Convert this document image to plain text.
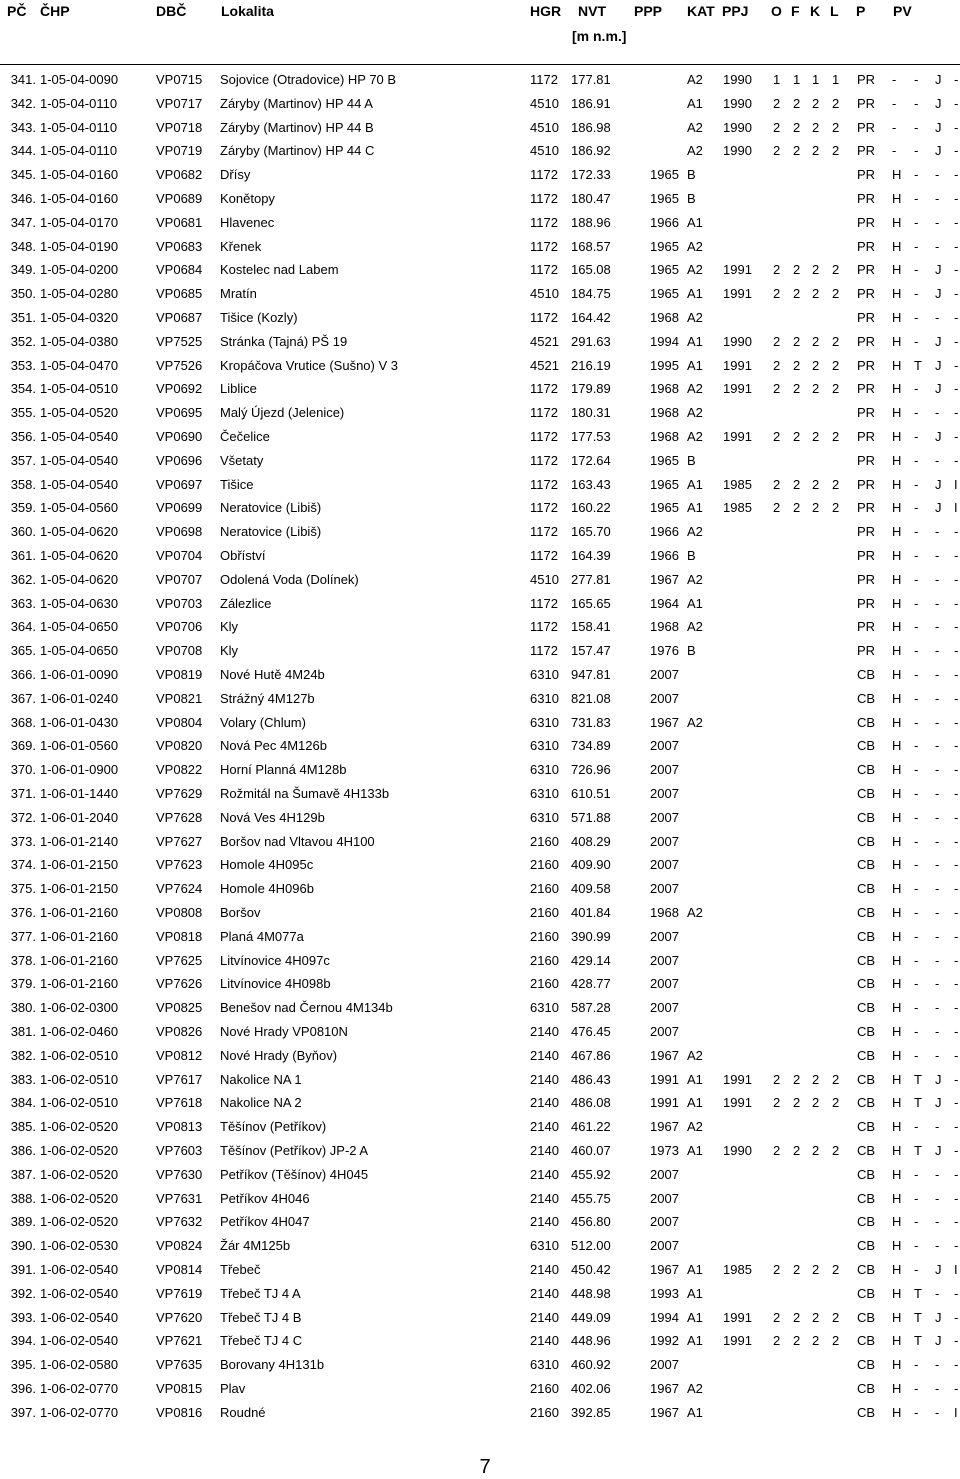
PČ ČHP	DBČ Lokalita	HGR NVT
[m n.m.]
PPP KAT PPJ O F K L P PV
341. 1-05-04-0090	VP0715 Sojovice (Otradovice) HP 70 B	1172 177.81	A2 1990 1 1 1 1 PR - - J -
342. 1-05-04-0110	VP0717 Záryby (Martinov) HP 44 A	4510 186.91	A1 1990 2 2 2 2 PR - - J -
343. 1-05-04-0110	VP0718 Záryby (Martinov) HP 44 B	4510 186.98	A2 1990 2 2 2 2 PR - - J -
344. 1-05-04-0110	VP0719 Záryby (Martinov) HP 44 C	4510 186.92	A2 1990 2 2 2 2 PR - - J -
345. 1-05-04-0160	VP0682 Dřísy	1172 172.33	1965 B	PR H - - -
346. 1-05-04-0160	VP0689 Konětopy	1172 180.47	1965 B	PR H - - -
347. 1-05-04-0170	VP0681 Hlavenec	1172 188.96	1966 A1	PR H - - -
348. 1-05-04-0190	VP0683 Křenek	1172 168.57	1965 A2	PR H - - -
349. 1-05-04-0200	VP0684 Kostelec nad Labem	1172 165.08	1965 A2 1991 2 2 2 2 PR H - J -
350. 1-05-04-0280	VP0685 Mratín	4510 184.75	1965 A1 1991 2 2 2 2 PR H - J -
351. 1-05-04-0320	VP0687 Tišice (Kozly)	1172 164.42	1968 A2	PR H - - -
352. 1-05-04-0380	VP7525 Stránka (Tajná) PŠ 19	4521 291.63	1994 A1 1990 2 2 2 2 PR H - J -
353. 1-05-04-0470	VP7526 Kropáčova Vrutice (Sušno) V 3	4521 216.19	1995 A1 1991 2 2 2 2 PR H T J -
354. 1-05-04-0510	VP0692 Liblice	1172 179.89	1968 A2 1991 2 2 2 2 PR H - J -
355. 1-05-04-0520	VP0695 Malý Újezd (Jelenice)	1172 180.31	1968 A2	PR H - - -
356. 1-05-04-0540	VP0690 Čečelice	1172 177.53	1968 A2 1991 2 2 2 2 PR H - J -
357. 1-05-04-0540	VP0696 Všetaty	1172 172.64	1965 B	PR H - - -
358. 1-05-04-0540	VP0697 Tišice	1172 163.43	1965 A1 1985 2 2 2 2 PR H - J I
359. 1-05-04-0560	VP0699 Neratovice (Libiš)	1172 160.22	1965 A1 1985 2 2 2 2 PR H - J I
360. 1-05-04-0620	VP0698 Neratovice (Libiš)	1172 165.70	1966 A2	PR H - - -
361. 1-05-04-0620	VP0704 Obříství	1172 164.39	1966 B	PR H - - -
362. 1-05-04-0620	VP0707 Odolená Voda (Dolínek)	4510 277.81	1967 A2	PR H - - -
363. 1-05-04-0630	VP0703 Zálezlice	1172 165.65	1964 A1	PR H - - -
364. 1-05-04-0650	VP0706 Kly	1172 158.41	1968 A2	PR H - - -
365. 1-05-04-0650	VP0708 Kly	1172 157.47	1976 B	PR H - - -
366. 1-06-01-0090	VP0819 Nové Hutě 4M24b	6310 947.81	2007	CB H - - -
367. 1-06-01-0240	VP0821 Strážný 4M127b	6310 821.08	2007	CB H - - -
368. 1-06-01-0430	VP0804 Volary (Chlum)	6310 731.83	1967 A2	CB H - - -
369. 1-06-01-0560	VP0820 Nová Pec 4M126b	6310 734.89	2007	CB H - - -
370. 1-06-01-0900	VP0822 Horní Planná 4M128b	6310 726.96	2007	CB H - - -
371. 1-06-01-1440	VP7629 Rožmitál na Šumavě 4H133b	6310 610.51	2007	CB H - - -
372. 1-06-01-2040	VP7628 Nová Ves 4H129b	6310 571.88	2007	CB H - - -
373. 1-06-01-2140	VP7627 Boršov nad Vltavou 4H100	2160 408.29	2007	CB H - - -
374. 1-06-01-2150	VP7623 Homole 4H095c	2160 409.90	2007	CB H - - -
375. 1-06-01-2150	VP7624 Homole 4H096b	2160 409.58	2007	CB H - - -
376. 1-06-01-2160	VP0808 Boršov	2160 401.84	1968 A2	CB H - - -
377. 1-06-01-2160	VP0818 Planá 4M077a	2160 390.99	2007	CB H - - -
378. 1-06-01-2160	VP7625 Litvínovice 4H097c	2160 429.14	2007	CB H - - -
379. 1-06-01-2160	VP7626 Litvínovice 4H098b	2160 428.77	2007	CB H - - -
380. 1-06-02-0300	VP0825 Benešov nad Černou 4M134b	6310 587.28	2007	CB H - - -
381. 1-06-02-0460	VP0826 Nové Hrady VP0810N	2140 476.45	2007	CB H - - -
382. 1-06-02-0510	VP0812 Nové Hrady (Byňov)	2140 467.86	1967 A2	CB H - - -
383. 1-06-02-0510	VP7617 Nakolice NA 1	2140 486.43	1991 A1 1991 2 2 2 2 CB H T J -
384. 1-06-02-0510	VP7618 Nakolice NA 2	2140 486.08	1991 A1 1991 2 2 2 2 CB H T J -
385. 1-06-02-0520	VP0813 Těšínov (Petříkov)	2140 461.22	1967 A2	CB H - - -
386. 1-06-02-0520	VP7603 Těšínov (Petříkov) JP-2 A	2140 460.07	1973 A1 1990 2 2 2 2 CB H T J -
387. 1-06-02-0520	VP7630 Petříkov (Těšínov) 4H045	2140 455.92	2007	CB H - - -
388. 1-06-02-0520	VP7631 Petříkov 4H046	2140 455.75	2007	CB H - - -
389. 1-06-02-0520	VP7632 Petříkov 4H047	2140 456.80	2007	CB H - - -
390. 1-06-02-0530	VP0824 Žár 4M125b	6310 512.00	2007	CB H - - -
391. 1-06-02-0540	VP0814 Třebeč	2140 450.42	1967 A1 1985 2 2 2 2 CB H - J I
392. 1-06-02-0540	VP7619 Třebeč TJ 4 A	2140 448.98	1993 A1	CB H T - -
393. 1-06-02-0540	VP7620 Třebeč TJ 4 B	2140 449.09	1994 A1 1991 2 2 2 2 CB H T J -
394. 1-06-02-0540	VP7621 Třebeč TJ 4 C	2140 448.96	1992 A1 1991 2 2 2 2 CB H T J -
395. 1-06-02-0580	VP7635 Borovany 4H131b	6310 460.92	2007	CB H - - -
396. 1-06-02-0770	VP0815 Plav	2160 402.06	1967 A2	CB H - - -
397. 1-06-02-0770	VP0816 Roudné	2160 392.85	1967 A1	CB H - - I
7
